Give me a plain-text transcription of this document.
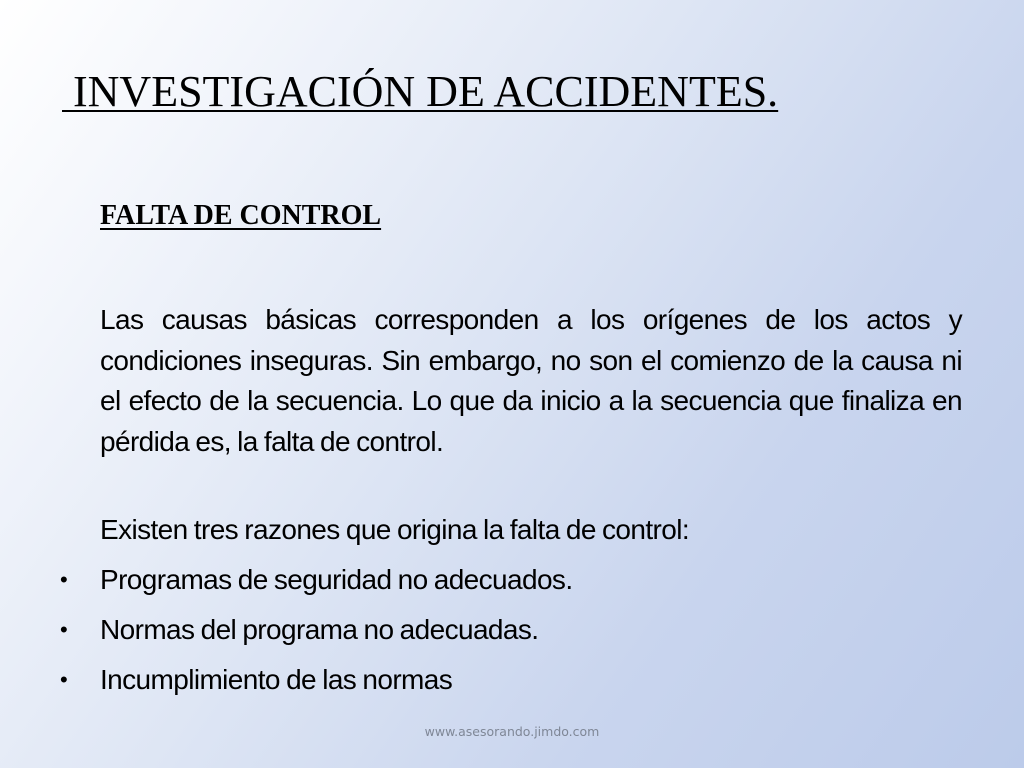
INVESTIGACIÓN DE ACCIDENTES.
FALTA DE CONTROL

Las causas básicas corresponden a los orígenes de los actos y condiciones inseguras. Sin embargo, no son el comienzo de la causa ni el efecto de la secuencia. Lo que da inicio a la secuencia que finaliza en pérdida es, la falta de control.

Existen tres razones que origina la falta de control:

• Programas de seguridad no adecuados.
• Normas del programa no adecuadas.
• Incumplimiento de las normas

www.asesorando.jimdo.com
